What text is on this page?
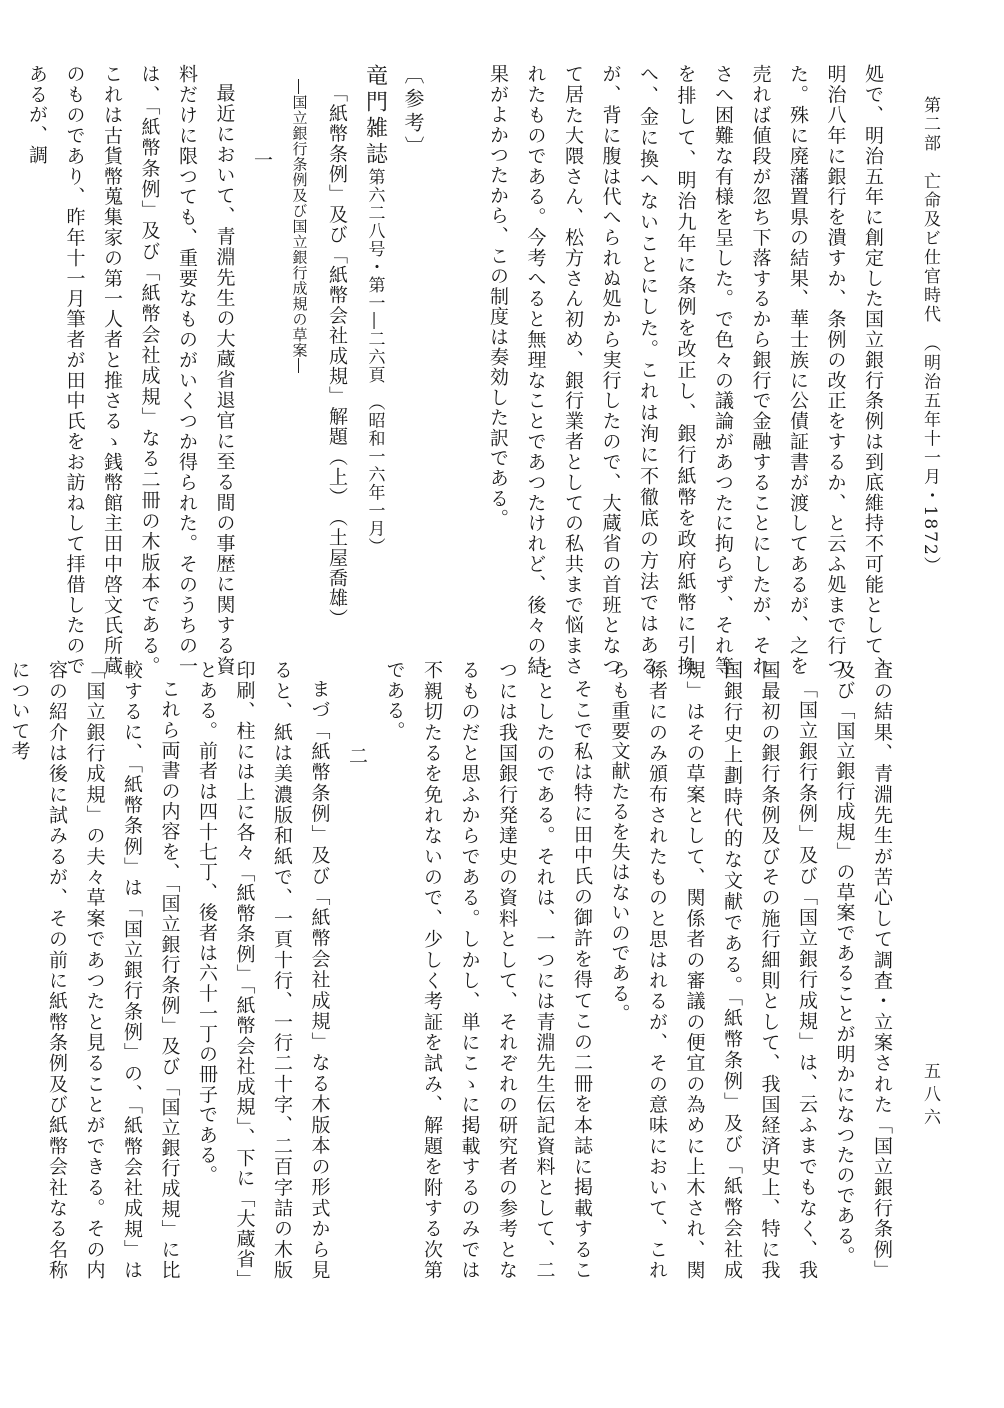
第二部　亡命及ビ仕官時代　（明治五年十一月・1872）
五八六

処で、明治五年に創定した国立銀行条例は到底維持不可能として、明治八年に銀行を潰すか、条例の改正をするか、と云ふ処まで行つた。殊に廃藩置県の結果、華士族に公債証書が渡してあるが、之を売れば値段が忽ち下落するから銀行で金融することにしたが、それさへ困難な有様を呈した。で色々の議論があつたに拘らず、それ等を排して、明治九年に条例を改正し、銀行紙幣を政府紙幣に引換へ、金に換へないことにした。これは洵に不徹底の方法ではあるが、背に腹は代へられぬ処から実行したので、大蔵省の首班となつて居た大隈さん、松方さん初め、銀行業者としての私共まで悩まされたものである。今考へると無理なことであつたけれど、後々の結果がよかつたから、この制度は奏効した訳である。

〔参考〕

竜門雑誌第六二八号・第一―二六頁　（昭和一六年一月）

「紙幣条例」及び「紙幣会社成規」解題（上）（土屋喬雄）

―国立銀行条例及び国立銀行成規の草案―

一

最近において、青淵先生の大蔵省退官に至る間の事歴に関する資料だけに限つても、重要なものがいくつか得られた。そのうちの一は、「紙幣条例」及び「紙幣会社成規」なる二冊の木版本である。これは古貨幣蒐集家の第一人者と推さるゝ銭幣館主田中啓文氏所蔵のものであり、昨年十一月筆者が田中氏をお訪ねして拝借したのであるが、調

査の結果、青淵先生が苦心して調査・立案された「国立銀行条例」及び「国立銀行成規」の草案であることが明かになつたのである。

「国立銀行条例」及び「国立銀行成規」は、云ふまでもなく、我国最初の銀行条例及びその施行細則として、我国経済史上、特に我国銀行史上劃時代的な文献である。「紙幣条例」及び「紙幣会社成規」はその草案として、関係者の審議の便宜の為めに上木され、関係者にのみ頒布されたものと思はれるが、その意味において、これらも重要文献たるを失はないのである。

そこで私は特に田中氏の御許を得てこの二冊を本誌に掲載することとしたのである。それは、一つには青淵先生伝記資料として、二つには我国銀行発達史の資料として、それぞれの研究者の参考となるものだと思ふからである。しかし、単にこゝに掲載するのみでは不親切たるを免れないので、少しく考証を試み、解題を附する次第である。

二

まづ「紙幣条例」及び「紙幣会社成規」なる木版本の形式から見ると、紙は美濃版和紙で、一頁十行、一行二十字、二百字詰の木版印刷、柱には上に各々「紙幣条例」「紙幣会社成規」、下に「大蔵省」とある。前者は四十七丁、後者は六十一丁の冊子である。

これら両書の内容を、「国立銀行条例」及び「国立銀行成規」に比較するに、「紙幣条例」は「国立銀行条例」の、「紙幣会社成規」は「国立銀行成規」の夫々草案であつたと見ることができる。その内容の紹介は後に試みるが、その前に紙幣条例及び紙幣会社なる名称について考
